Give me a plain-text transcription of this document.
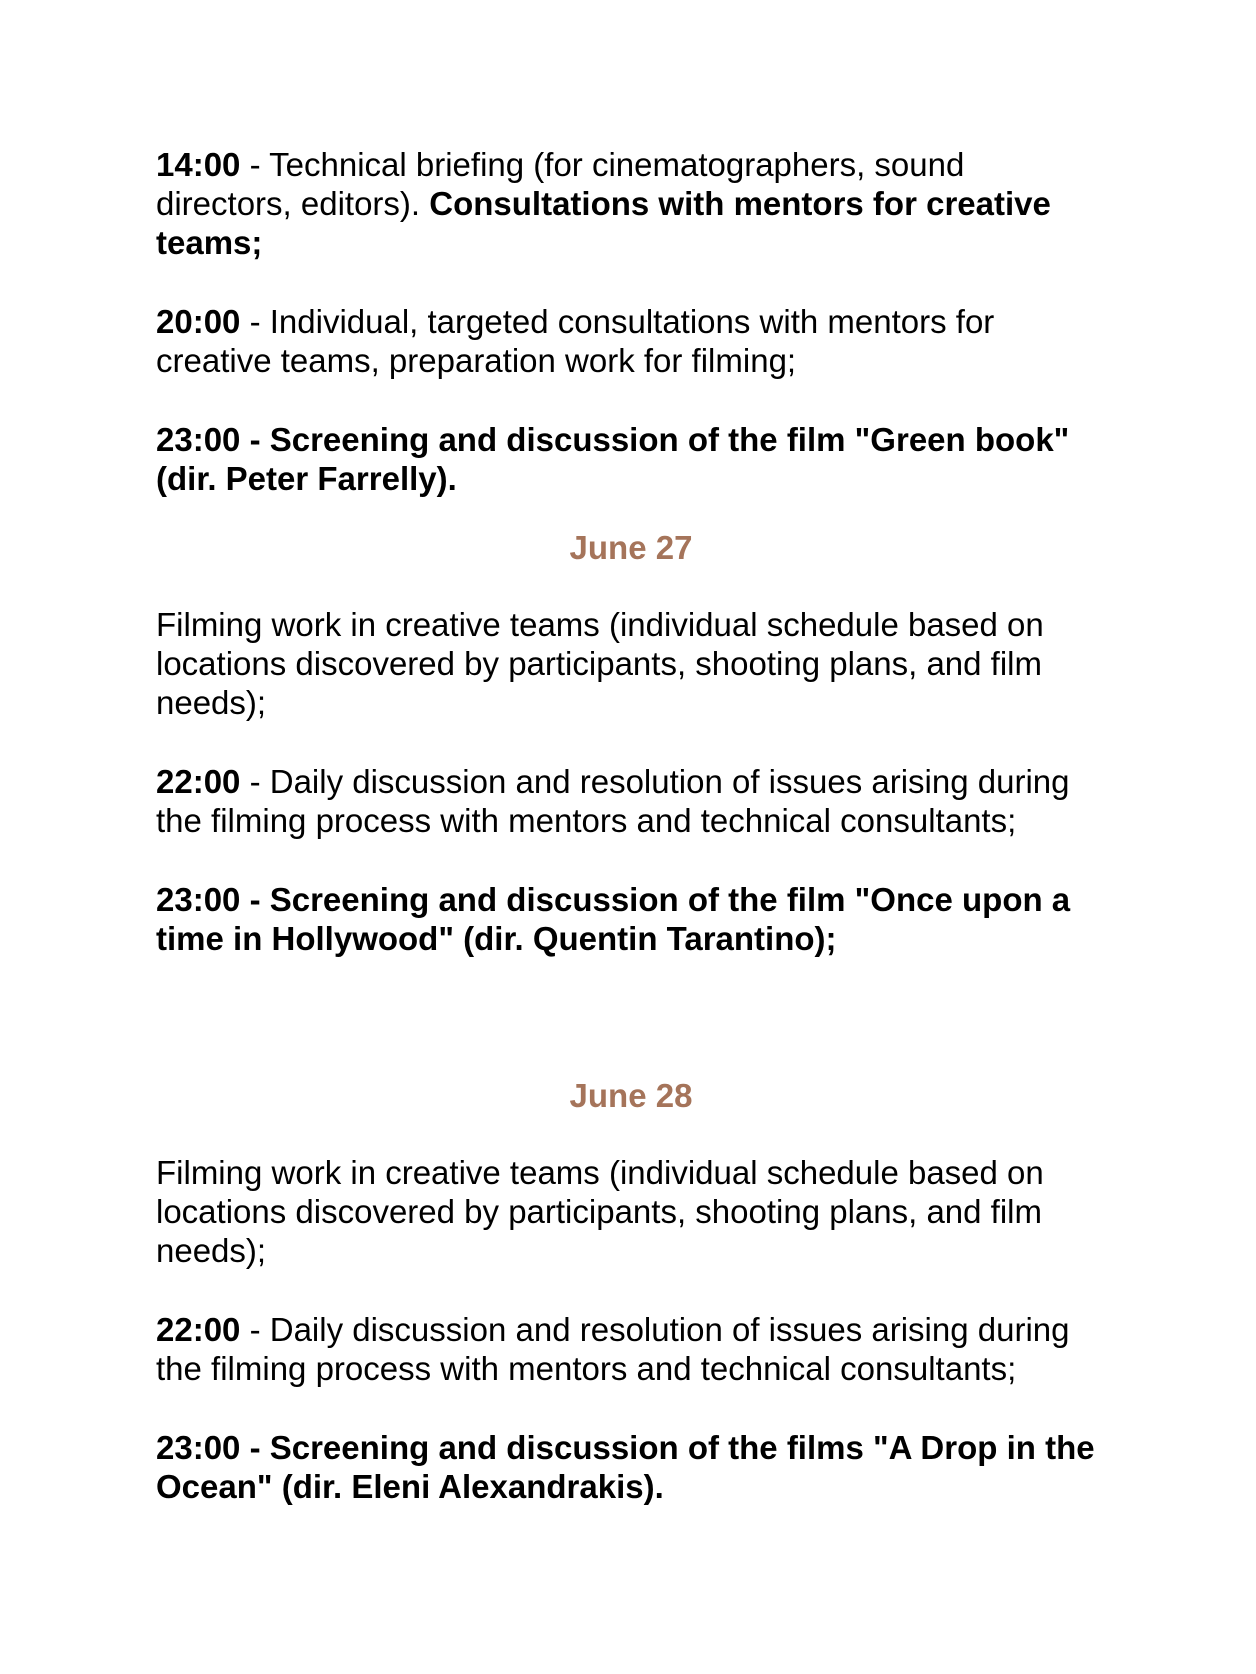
14:00 - Technical briefing (for cinematographers, sound directors, editors). Consultations with mentors for creative teams;

20:00 - Individual, targeted consultations with mentors for creative teams, preparation work for filming;

23:00 - Screening and discussion of the film "Green book" (dir. Peter Farrelly).

June 27

Filming work in creative teams (individual schedule based on locations discovered by participants, shooting plans, and film needs);

22:00 - Daily discussion and resolution of issues arising during the filming process with mentors and technical consultants;

23:00 - Screening and discussion of the film "Once upon a time in Hollywood" (dir. Quentin Tarantino);

June 28

Filming work in creative teams (individual schedule based on locations discovered by participants, shooting plans, and film needs);

22:00 - Daily discussion and resolution of issues arising during the filming process with mentors and technical consultants;

23:00 - Screening and discussion of the films "A Drop in the Ocean" (dir. Eleni Alexandrakis).
